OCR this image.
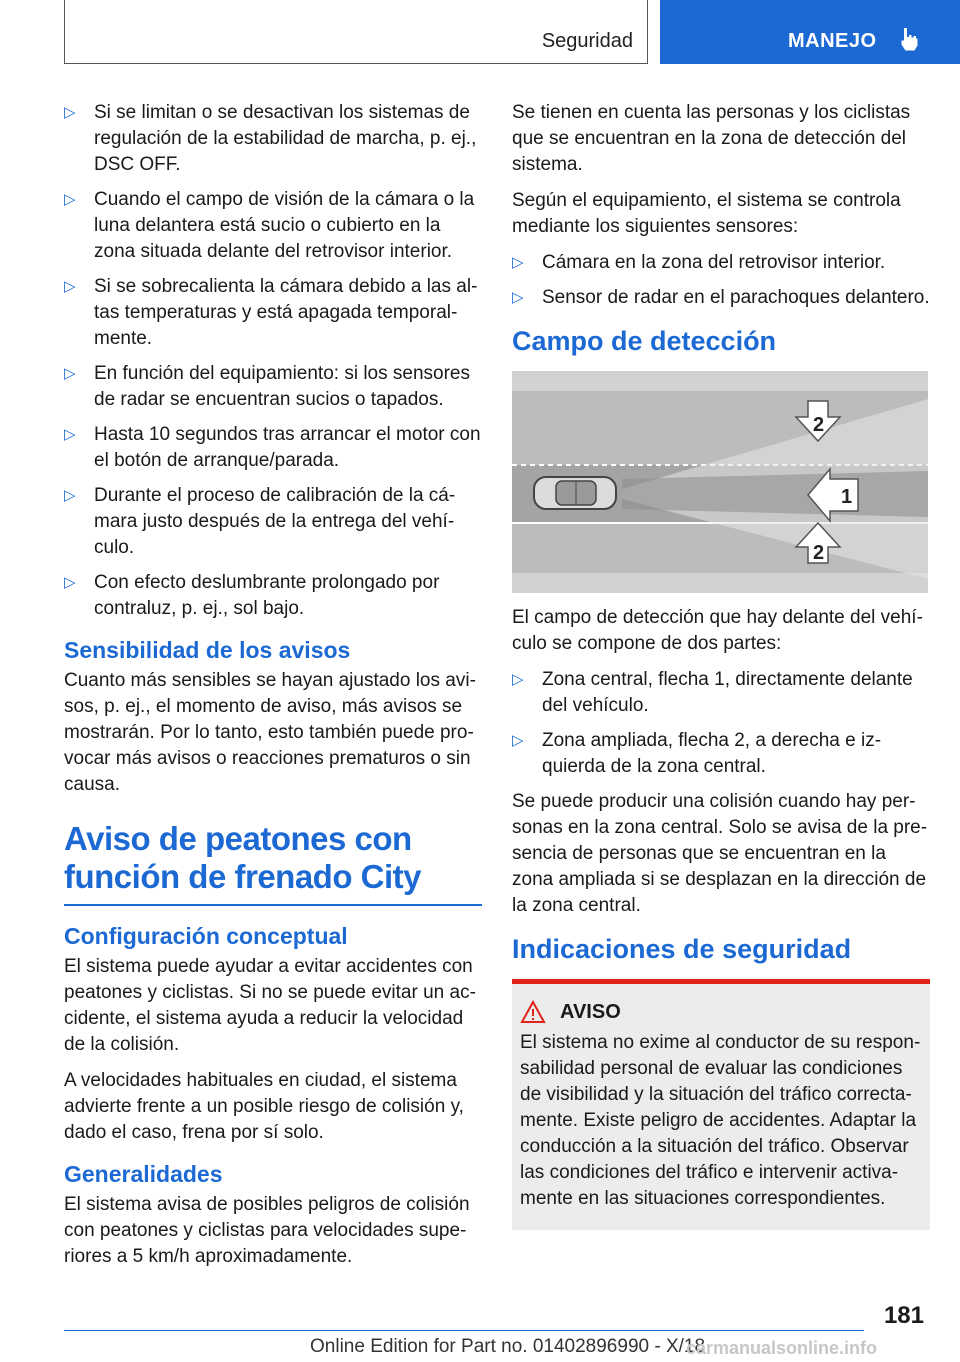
Seguridad	MANEJO
▷ Si se limitan o se desactivan los sistemas de regulación de la estabilidad de marcha, p. ej., DSC OFF.
▷ Cuando el campo de visión de la cámara o la luna delantera está sucio o cubierto en la zona situada delante del retrovisor interior.
▷ Si se sobrecalienta la cámara debido a las altas temperaturas y está apagada temporalmente.
▷ En función del equipamiento: si los sensores de radar se encuentran sucios o tapados.
▷ Hasta 10 segundos tras arrancar el motor con el botón de arranque/parada.
▷ Durante el proceso de calibración de la cámara justo después de la entrega del vehículo.
▷ Con efecto deslumbrante prolongado por contraluz, p. ej., sol bajo.
Sensibilidad de los avisos

Cuanto más sensibles se hayan ajustado los avisos, p. ej., el momento de aviso, más avisos se mostrarán. Por lo tanto, esto también puede provocar más avisos o reacciones prematuros o sin causa.

Aviso de peatones con función de frenado City
Configuración conceptual

El sistema puede ayudar a evitar accidentes con peatones y ciclistas. Si no se puede evitar un accidente, el sistema ayuda a reducir la velocidad de la colisión.

A velocidades habituales en ciudad, el sistema advierte frente a un posible riesgo de colisión y, dado el caso, frena por sí solo.

Generalidades

El sistema avisa de posibles peligros de colisión con peatones y ciclistas para velocidades superiores a 5 km/h aproximadamente.

Se tienen en cuenta las personas y los ciclistas que se encuentran en la zona de detección del sistema.

Según el equipamiento, el sistema se controla mediante los siguientes sensores:

▷ Cámara en la zona del retrovisor interior.
▷ Sensor de radar en el parachoques delantero.
Campo de detección
2
1
2

El campo de detección que hay delante del vehículo se compone de dos partes:

▷ Zona central, flecha 1, directamente delante del vehículo.
▷ Zona ampliada, flecha 2, a derecha e izquierda de la zona central.

Se puede producir una colisión cuando hay personas en la zona central. Solo se avisa de la presencia de personas que se encuentran en la zona ampliada si se desplazan en la dirección de la zona central.

Indicaciones de seguridad
AVISO

El sistema no exime al conductor de su responsabilidad personal de evaluar las condiciones de visibilidad y la situación del tráfico correctamente. Existe peligro de accidentes. Adaptar la conducción a la situación del tráfico. Observar las condiciones del tráfico e intervenir activamente en las situaciones correspondientes.

181
Online Edition for Part no. 01402896990 - X/18
carmanualsonline.info
